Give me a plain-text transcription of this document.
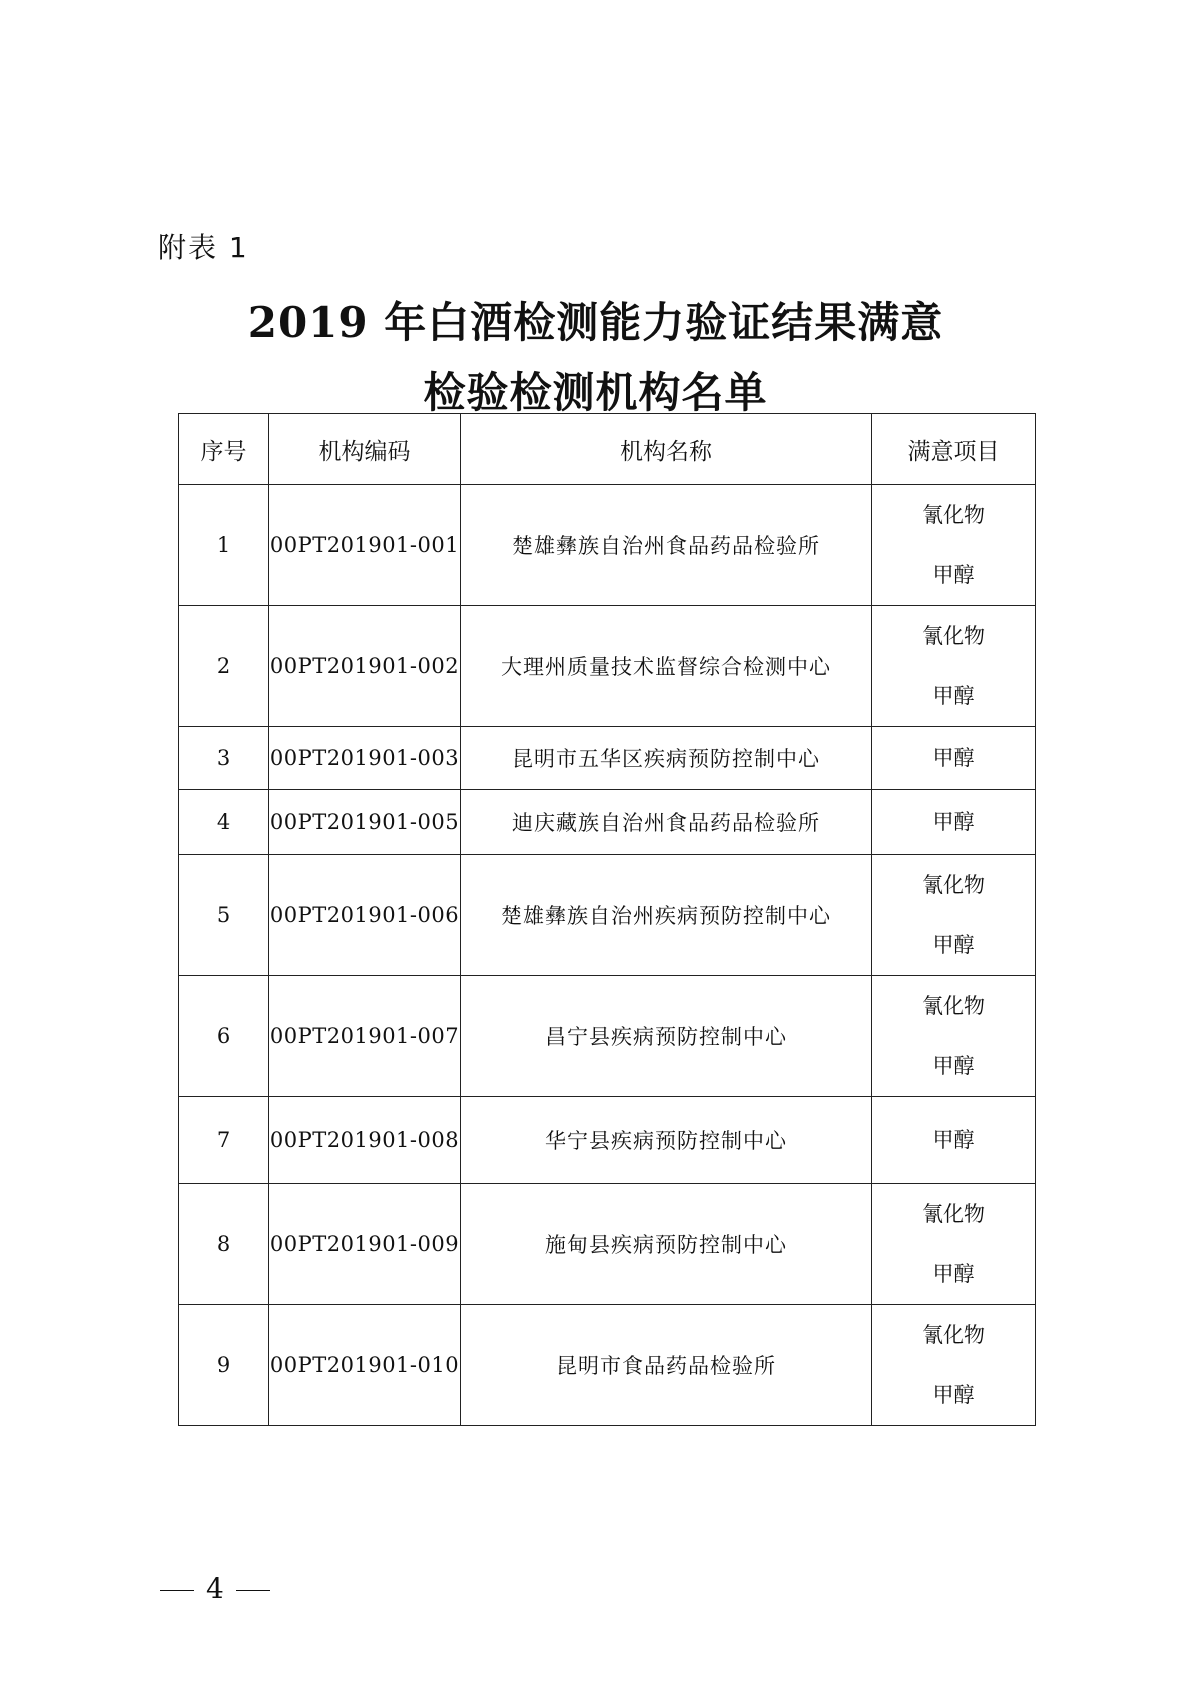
附表 1
2019 年白酒检测能力验证结果满意
检验检测机构名单
序号	机构编码	机构名称	满意项目
1	00PT201901-001	楚雄彝族自治州食品药品检验所	氰化物
甲醇

2	00PT201901-002	大理州质量技术监督综合检测中心	氰化物
甲醇

3	00PT201901-003	昆明市五华区疾病预防控制中心	甲醇

4	00PT201901-005	迪庆藏族自治州食品药品检验所	甲醇

5	00PT201901-006	楚雄彝族自治州疾病预防控制中心	氰化物
甲醇

6	00PT201901-007	昌宁县疾病预防控制中心	氰化物
甲醇

7	00PT201901-008	华宁县疾病预防控制中心	甲醇

8	00PT201901-009	施甸县疾病预防控制中心	氰化物
甲醇

9	00PT201901-010	昆明市食品药品检验所	氰化物
甲醇
4
